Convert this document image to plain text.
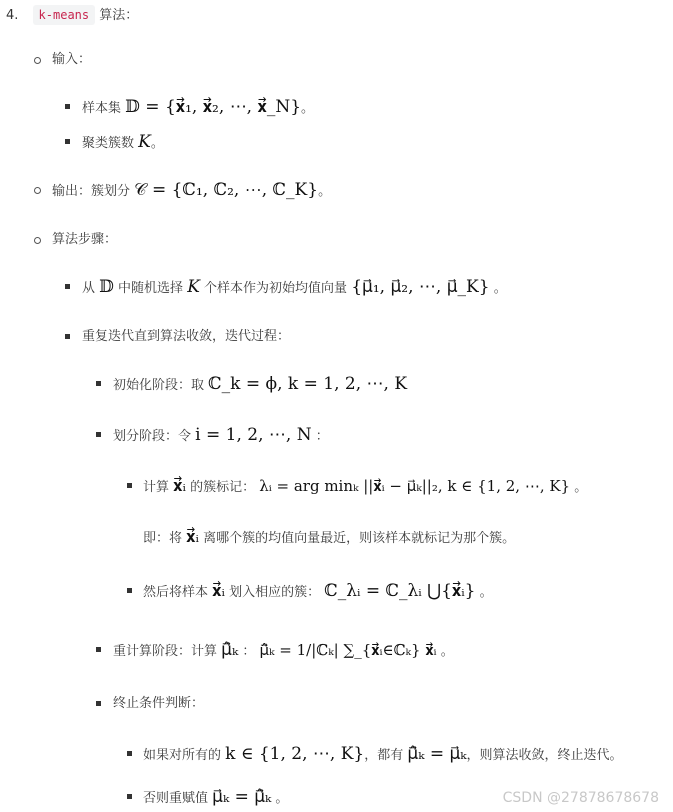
4. k-means 算法：
输入：
样本集 𝔻 = {𝐱⃗₁, 𝐱⃗₂, ⋯, 𝐱⃗_N}。
聚类簇数 K。
输出：簇划分 𝒞 = {ℂ₁, ℂ₂, ⋯, ℂ_K}。
算法步骤：
从 𝔻 中随机选择 K 个样本作为初始均值向量 {μ⃗₁, μ⃗₂, ⋯, μ⃗_K} 。
重复迭代直到算法收敛，迭代过程：
初始化阶段：取 ℂ_k = ϕ, k = 1, 2, ⋯, K
划分阶段：令 i = 1, 2, ⋯, N ：
计算 𝐱⃗ᵢ 的簇标记： λᵢ = arg minₖ ||𝐱⃗ᵢ − μ⃗ₖ||₂, k ∈ {1, 2, ⋯, K} 。
即：将 𝐱⃗ᵢ 离哪个簇的均值向量最近，则该样本就标记为那个簇。
然后将样本 𝐱⃗ᵢ 划入相应的簇： ℂ_λᵢ = ℂ_λᵢ ⋃{𝐱⃗ᵢ} 。
重计算阶段：计算 μ̂⃗ₖ ： μ̂⃗ₖ = 1/|ℂₖ| ∑_{𝐱⃗ᵢ∈ℂₖ} 𝐱⃗ᵢ 。
终止条件判断：
如果对所有的 k ∈ {1, 2, ⋯, K}，都有 μ̂⃗ₖ = μ⃗ₖ，则算法收敛，终止迭代。
否则重赋值 μ⃗ₖ = μ̂⃗ₖ 。	CSDN @27878678678
